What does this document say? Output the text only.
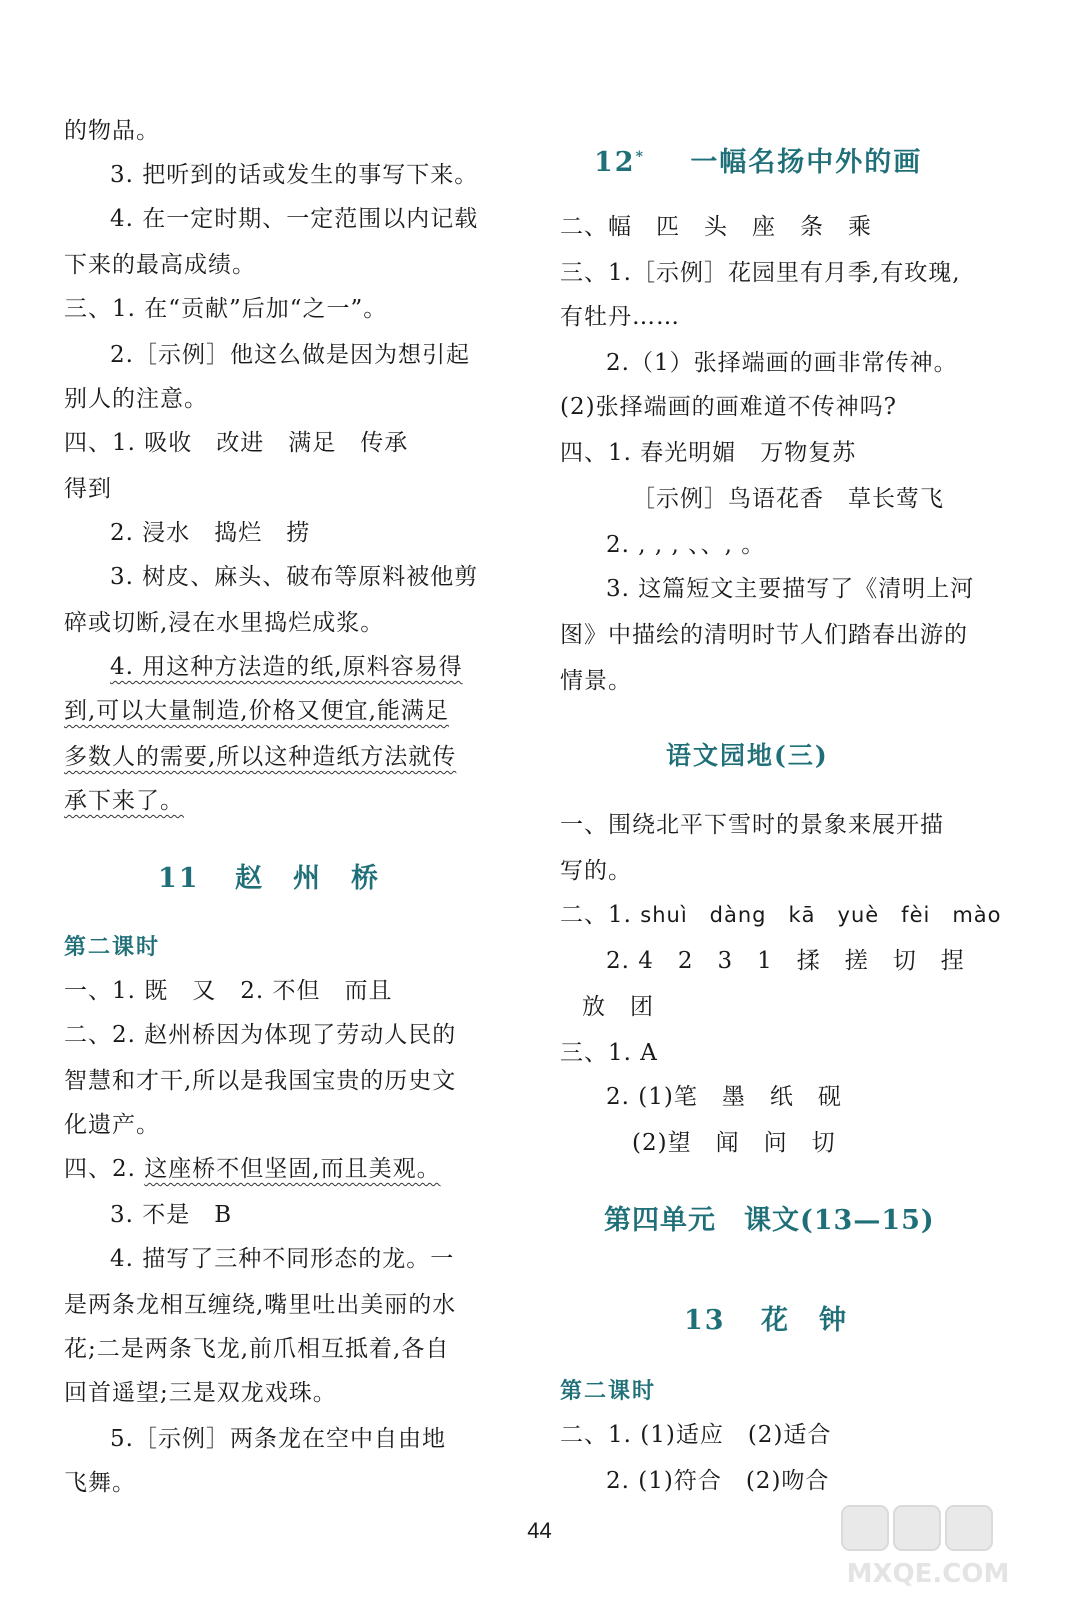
的物品。
3. 把听到的话或发生的事写下来。
4. 在一定时期、一定范围以内记载
下来的最高成绩。
三、1. 在“贡献”后加“之一”。
2.［示例］他这么做是因为想引起
别人的注意。
四、1. 吸收　改进　满足　传承
得到
2. 浸水　捣烂　捞
3. 树皮、麻头、破布等原料被他剪
碎或切断,浸在水里捣烂成浆。
4. 用这种方法造的纸,原料容易得
到,可以大量制造,价格又便宜,能满足
多数人的需要,所以这种造纸方法就传
承下来了。
11 赵　州　桥
第二课时
一、1. 既　又　2. 不但　而且
二、2. 赵州桥因为体现了劳动人民的
智慧和才干,所以是我国宝贵的历史文
化遗产。
四、2. 这座桥不但坚固,而且美观。
3. 不是　B
4. 描写了三种不同形态的龙。一
是两条龙相互缠绕,嘴里吐出美丽的水
花;二是两条飞龙,前爪相互抵着,各自
回首遥望;三是双龙戏珠。
5.［示例］两条龙在空中自由地
飞舞。
12* 一幅名扬中外的画
二、幅　匹　头　座　条　乘
三、1.［示例］花园里有月季,有玫瑰,
有牡丹……
2.（1）张择端画的画非常传神。
(2)张择端画的画难道不传神吗?
四、1. 春光明媚　万物复苏
［示例］鸟语花香　草长莺飞
2. , , , 、、, 。
3. 这篇短文主要描写了《清明上河
图》中描绘的清明时节人们踏春出游的
情景。
语文园地(三)
一、围绕北平下雪时的景象来展开描
写的。
二、1. shuì　dàng　kā　yuè　fèi　mào
2. 4　2　3　1　揉　搓　切　捏
放　团
三、1. A
2. (1)笔　墨　纸　砚
(2)望　闻　问　切
第四单元　课文(13—15)
13 花　钟
第二课时
二、1. (1)适应　(2)适合
2. (1)符合　(2)吻合
44
MXQE.COM
